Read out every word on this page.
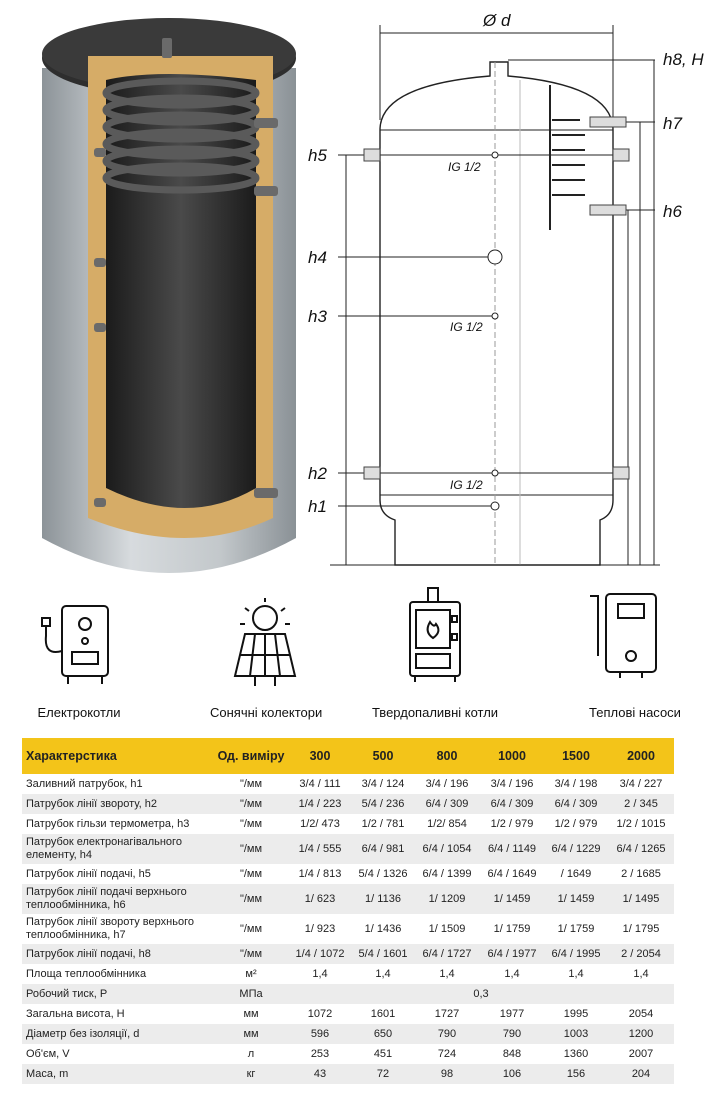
Ø d
h8, H
h7
h6
h5
h4
h3
h2
h1
IG 1/2
IG 1/2
IG 1/2
Електрокотли	Сонячні колектори	Твердопаливні котли	Теплові насоси
Характерстика	Од. виміру	300	500	800	1000	1500	2000
Заливний патрубок, h1	"/мм	3/4 / 111	3/4 / 124	3/4 / 196	3/4 / 196	3/4 / 198	3/4 / 227
Патрубок лінії звороту, h2	"/мм	1/4 / 223	5/4 / 236	6/4 / 309	6/4 / 309	6/4 / 309	2 / 345
Патрубок гільзи термометра, h3	"/мм	1/2/ 473	1/2 / 781	1/2/ 854	1/2 / 979	1/2 / 979	1/2 / 1015
Патрубок електронагівального елементу, h4	"/мм	1/4 / 555	6/4 / 981	6/4 / 1054	6/4 / 1149	6/4 / 1229	6/4 / 1265
Патрубок лінії подачі, h5	"/мм	1/4 / 813	5/4 / 1326	6/4 / 1399	6/4 / 1649	/ 1649	2 / 1685
Патрубок лінії подачі верхнього теплообмінника, h6	"/мм	1/ 623	1/ 1136	1/ 1209	1/ 1459	1/ 1459	1/ 1495
Патрубок лінії звороту верхнього теплообмінника, h7	"/мм	1/ 923	1/ 1436	1/ 1509	1/ 1759	1/ 1759	1/ 1795
Патрубок лінії подачі, h8	"/мм	1/4 / 1072	5/4 / 1601	6/4 / 1727	6/4 / 1977	6/4 / 1995	2 / 2054
Площа теплообмінника	м²	1,4	1,4	1,4	1,4	1,4	1,4
Робочий тиск, P	МПа	0,3					
Загальна висота, H	мм	1072	1601	1727	1977	1995	2054
Діаметр без ізоляції, d	мм	596	650	790	790	1003	1200
Об'єм, V	л	253	451	724	848	1360	2007
Маса, m	кг	43	72	98	106	156	204
